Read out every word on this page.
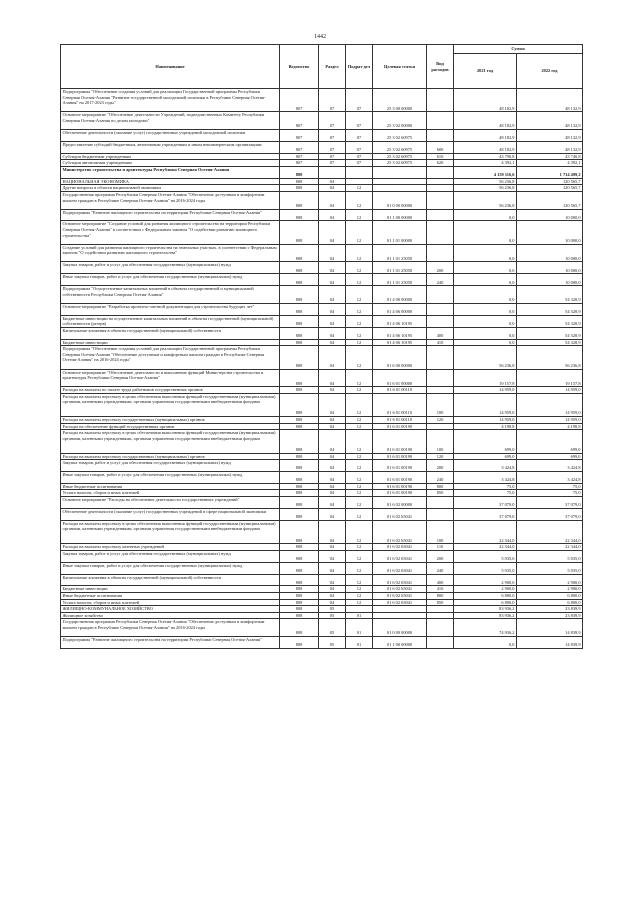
1442
Наименование	Ведомство	Раздел	Подраз-дел	Целевая статья	Вид расходов	Сумма	
						2021 год	2022 год
Подпрограмма "Обеспечение создания условий для реализации Государственной программы Республики Северная Осетия-Алания "Развитие государственной молодежной политики в Республике Северная Осетия-Алания" на 2017-2023 годы"	807	07	07	25 3 00 00000		48 182,9	48 132,9
Основное мероприятие "Обеспечение деятельности Учреждений, подведомственных Комитету Республики Северная Осетия-Алания по делам молодежи"	807	07	07	25 3 02 00000		48 182,9	48 132,9
Обеспечение деятельности (оказание услуг) государственных учреждений молодежной политики	807	07	07	25 3 02 60975		48 182,9	48 132,9
Предоставление субсидий бюджетным, автономным учреждениям и иным некоммерческим организациям	807	07	07	25 3 02 60975	600	48 182,9	48 132,9
Субсидии бюджетным учреждениям	807	07	07	25 3 02 60975	610	43 790,8	43 740,8
Субсидии автономным учреждениям	807	07	07	25 3 02 60975	620	4 392,1	4 392,1
Министерство строительства и архитектуры Республики Северная Осетия-Алания	808					4 159 116,6	1 714 499,2
НАЦИОНАЛЬНАЯ ЭКОНОМИКА	808	04				56 236,8	120 565,7
Другие вопросы в области национальной экономики	808	04	12			56 236,8	120 565,7
Государственная программа Республики Северная Осетия-Алания "Обеспечение доступным и комфортным жильем граждан в Республике Северная Осетия-Алания" на 2016-2024 годы	808	04	12	01 0 00 00000		56 236,8	120 565,7
Подпрограмма "Развитие жилищного строительства на территории Республики Северная Осетия-Алания"	808	04	12	01 1 00 00000		0,0	10 000,0
Основное мероприятие "Создание условий для развития жилищного строительства на территории Республики Северная Осетия-Алания" в соответствии с Федеральным законом "О содействии развитию жилищного строительства"	808	04	12	01 1 01 00000		0,0	10 000,0
Создание условий для развития жилищного строительства на земельных участках, в соответствии с Федеральным законом "О содействии развитию жилищного строительства"	808	04	12	01 1 01 25050		0,0	10 000,0
Закупка товаров, работ и услуг для обеспечения государственных (муниципальных) нужд	808	04	12	01 1 01 25050	200	0,0	10 000,0
Иные закупки товаров, работ и услуг для обеспечения государственных (муниципальных) нужд	808	04	12	01 1 01 25050	240	0,0	10 000,0
Подпрограмма "Осуществление капитальных вложений в объекты государственной и муниципальной собственности Республики Северная Осетия-Алания"	808	04	12	01 4 00 00000		0,0	54 328,9
Основное мероприятие "Разработка проектно-сметной документации для строительства будущих лет"	808	04	12	01 4 06 00000		0,0	54 328,9
Бюджетные инвестиции на осуществление капитальных вложений в объекты государственной (муниципальной) собственности (резерв)	808	04	12	01 4 06 10195		0,0	54 328,9
Капитальные вложения в объекты государственной (муниципальной) собственности	808	04	12	01 4 06 10195	400	0,0	54 328,9
Бюджетные инвестиции	808	04	12	01 4 06 10195	410	0,0	54 328,9
Подпрограмма "Обеспечение создания условий для реализации Государственной программы Республики Северная Осетия-Алания "Обеспечение доступным и комфортным жильем граждан в Республике Северная Осетия-Алания" на 2016-2024 годы"	808	04	12	01 6 00 00000		56 236,8	56 236,8
Основное мероприятие "Обеспечение деятельности и выполнение функций Министерства строительства и архитектуры Республики Северная Осетия-Алания"	808	04	12	01 6 01 00000		19 157,8	19 157,8
Расходы на выплаты по оплате труда работников государственных органов	808	04	12	01 6 01 00110		14 959,0	14 959,0
Расходы на выплаты персоналу в целях обеспечения выполнения функций государственными (муниципальными) органами, казенными учреждениями, органами управления государственными внебюджетными фондами	808	04	12	01 6 01 00110	100	14 959,0	14 959,0
Расходы на выплаты персоналу государственных (муниципальных) органов	808	04	12	01 6 01 00110	120	14 959,0	14 959,0
Расходы на обеспечение функций государственных органов	808	04	12	01 6 01 00190		4 198,8	4 198,8
Расходы на выплаты персоналу в целях обеспечения выполнения функций государственными (муниципальными) органами, казенными учреждениями, органами управления государственными внебюджетными фондами	808	04	12	01 6 01 00190	100	699,0	699,0
Расходы на выплаты персоналу государственных (муниципальных) органов	808	04	12	01 6 01 00190	120	699,0	699,0
Закупка товаров, работ и услуг для обеспечения государственных (муниципальных) нужд	808	04	12	01 6 01 00190	200	3 424,8	3 424,8
Иные закупки товаров, работ и услуг для обеспечения государственных (муниципальных) нужд	808	04	12	01 6 01 00190	240	3 424,8	3 424,8
Иные бюджетные ассигнования	808	04	12	01 6 01 00190	800	75,0	75,0
Уплата налогов, сборов и иных платежей	808	04	12	01 6 01 00190	850	75,0	75,0
Основное мероприятие "Расходы на обеспечение деятельности государственных учреждений"	808	04	12	01 6 02 00000		37 079,0	37 079,0
Обеспечение деятельности (оказание услуг) государственных учреждений в сфере национальной экономики	808	04	12	01 6 02 65041		37 079,0	37 079,0
Расходы на выплаты персоналу в целях обеспечения выполнения функций государственными (муниципальными) органами, казенными учреждениями, органами управления государственными внебюджетными фондами	808	04	12	01 6 02 65041	100	22 344,0	22 344,0
Расходы на выплаты персоналу казенных учреждений	808	04	12	01 6 02 65041	110	22 344,0	22 344,0
Закупка товаров, работ и услуг для обеспечения государственных (муниципальных) нужд	808	04	12	01 6 02 65041	200	5 035,0	5 035,0
Иные закупки товаров, работ и услуг для обеспечения государственных (муниципальных) нужд	808	04	12	01 6 02 65041	240	5 035,0	5 035,0
Капитальные вложения в объекты государственной (муниципальной) собственности	808	04	12	01 6 02 65041	400	2 900,0	2 900,0
Бюджетные инвестиции	808	04	12	01 6 02 65041	410	2 900,0	2 900,0
Иные бюджетные ассигнования	808	04	12	01 6 02 65041	800	6 800,0	6 800,0
Уплата налогов, сборов и иных платежей	808	04	12	01 6 02 65041	850	6 800,0	6 800,0
ЖИЛИЩНО-КОММУНАЛЬНОЕ ХОЗЯЙСТВО	808	05				83 936,2	23 839,9
Жилищное хозяйство	808	05	01			83 936,2	23 839,9
Государственная программа Республики Северная Осетия-Алания "Обеспечение доступным и комфортным жильем граждан в Республике Северная Осетия-Алания" на 2016-2024 годы	808	05	01	01 0 00 00000		74 936,2	14 839,9
Подпрограмма "Развитие жилищного строительства на территории Республики Северная Осетия-Алания"	808	05	01	01 1 00 00000		0,0	14 839,9
